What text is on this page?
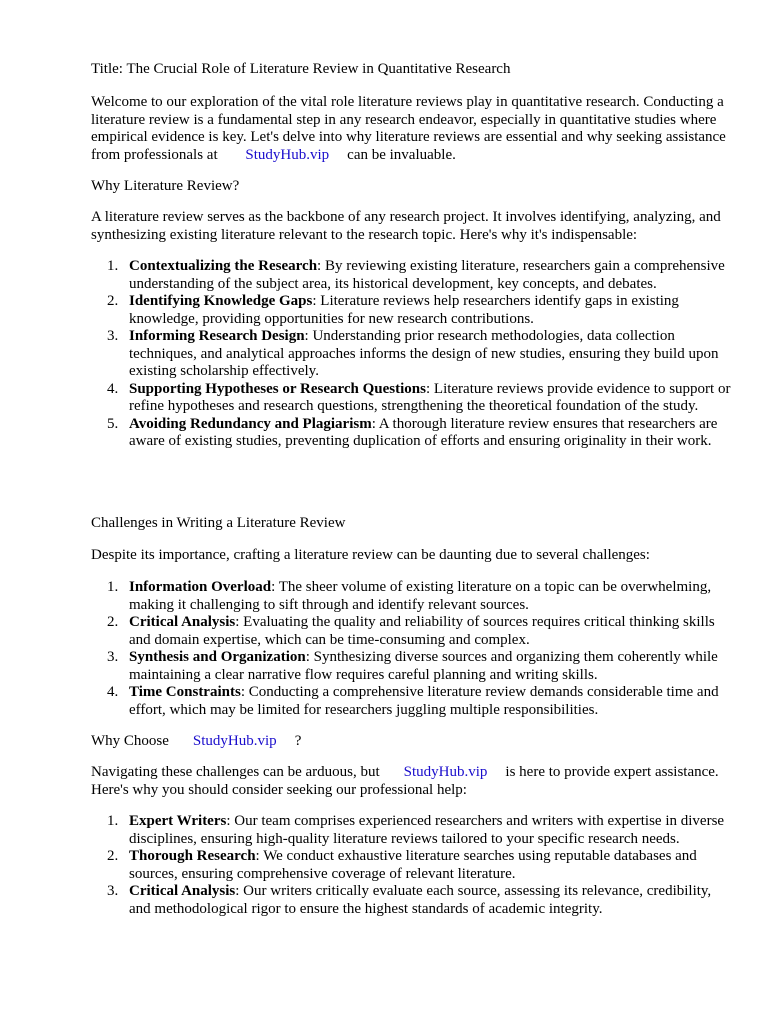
Title: The Crucial Role of Literature Review in Quantitative Research

Welcome to our exploration of the vital role literature reviews play in quantitative research. Conducting a literature review is a fundamental step in any research endeavor, especially in quantitative studies where empirical evidence is key. Let's delve into why literature reviews are essential and why seeking assistance from professionals at StudyHub.vip can be invaluable.

Why Literature Review?

A literature review serves as the backbone of any research project. It involves identifying, analyzing, and synthesizing existing literature relevant to the research topic. Here's why it's indispensable:

1. Contextualizing the Research: By reviewing existing literature, researchers gain a comprehensive understanding of the subject area, its historical development, key concepts, and debates.
2. Identifying Knowledge Gaps: Literature reviews help researchers identify gaps in existing knowledge, providing opportunities for new research contributions.
3. Informing Research Design: Understanding prior research methodologies, data collection techniques, and analytical approaches informs the design of new studies, ensuring they build upon existing scholarship effectively.
4. Supporting Hypotheses or Research Questions: Literature reviews provide evidence to support or refine hypotheses and research questions, strengthening the theoretical foundation of the study.
5. Avoiding Redundancy and Plagiarism: A thorough literature review ensures that researchers are aware of existing studies, preventing duplication of efforts and ensuring originality in their work.

Challenges in Writing a Literature Review

Despite its importance, crafting a literature review can be daunting due to several challenges:

1. Information Overload: The sheer volume of existing literature on a topic can be overwhelming, making it challenging to sift through and identify relevant sources.
2. Critical Analysis: Evaluating the quality and reliability of sources requires critical thinking skills and domain expertise, which can be time-consuming and complex.
3. Synthesis and Organization: Synthesizing diverse sources and organizing them coherently while maintaining a clear narrative flow requires careful planning and writing skills.
4. Time Constraints: Conducting a comprehensive literature review demands considerable time and effort, which may be limited for researchers juggling multiple responsibilities.

Why Choose StudyHub.vip ?

Navigating these challenges can be arduous, but StudyHub.vip is here to provide expert assistance. Here's why you should consider seeking our professional help:

1. Expert Writers: Our team comprises experienced researchers and writers with expertise in diverse disciplines, ensuring high-quality literature reviews tailored to your specific research needs.
2. Thorough Research: We conduct exhaustive literature searches using reputable databases and sources, ensuring comprehensive coverage of relevant literature.
3. Critical Analysis: Our writers critically evaluate each source, assessing its relevance, credibility, and methodological rigor to ensure the highest standards of academic integrity.
